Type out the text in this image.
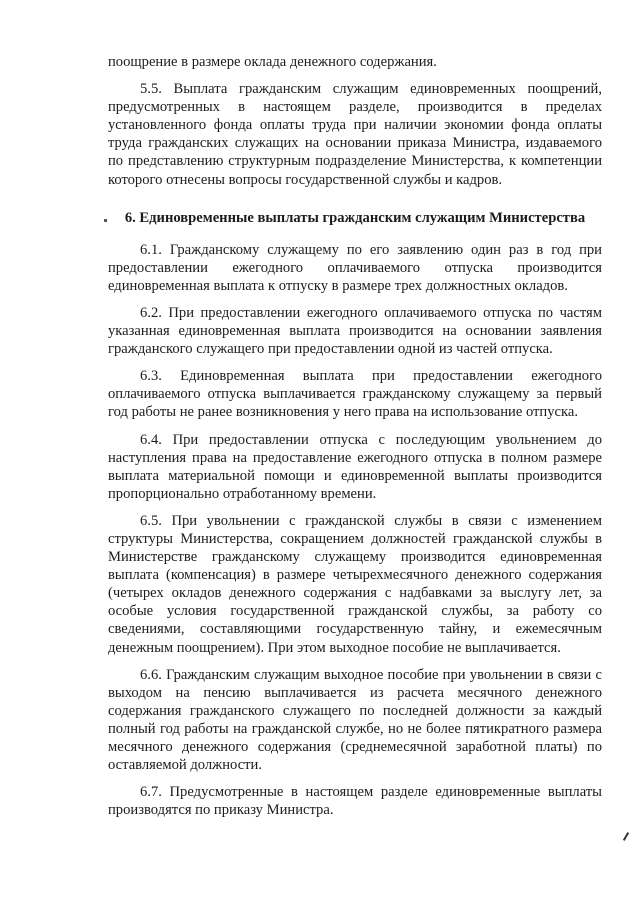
поощрение в размере оклада денежного содержания.

5.5. Выплата гражданским служащим единовременных поощрений, предусмотренных в настоящем разделе, производится в пределах установленного фонда оплаты труда при наличии экономии фонда оплаты труда гражданских служащих на основании приказа Министра, издаваемого по представлению структурным подразделение Министерства, к компетенции которого отнесены вопросы государственной службы и кадров.

6. Единовременные выплаты гражданским служащим Министерства

6.1. Гражданскому служащему по его заявлению один раз в год при предоставлении ежегодного оплачиваемого отпуска производится единовременная выплата к отпуску в размере трех должностных окладов.

6.2. При предоставлении ежегодного оплачиваемого отпуска по частям указанная единовременная выплата производится на основании заявления гражданского служащего при предоставлении одной из частей отпуска.

6.3. Единовременная выплата при предоставлении ежегодного оплачиваемого отпуска выплачивается гражданскому служащему за первый год работы не ранее возникновения у него права на использование отпуска.

6.4. При предоставлении отпуска с последующим увольнением до наступления права на предоставление ежегодного отпуска в полном размере выплата материальной помощи и единовременной выплаты производится пропорционально отработанному времени.

6.5. При увольнении с гражданской службы в связи с изменением структуры Министерства, сокращением должностей гражданской службы в Министерстве гражданскому служащему производится единовременная выплата (компенсация) в размере четырехмесячного денежного содержания (четырех окладов денежного содержания с надбавками за выслугу лет, за особые условия государственной гражданской службы, за работу со сведениями, составляющими государственную тайну, и ежемесячным денежным поощрением). При этом выходное пособие не выплачивается.

6.6. Гражданским служащим выходное пособие при увольнении в связи с выходом на пенсию выплачивается из расчета месячного денежного содержания гражданского служащего по последней должности за каждый полный год работы на гражданской службе, но не более пятикратного размера месячного денежного содержания (среднемесячной заработной платы) по оставляемой должности.

6.7. Предусмотренные в настоящем разделе единовременные выплаты производятся по приказу Министра.
